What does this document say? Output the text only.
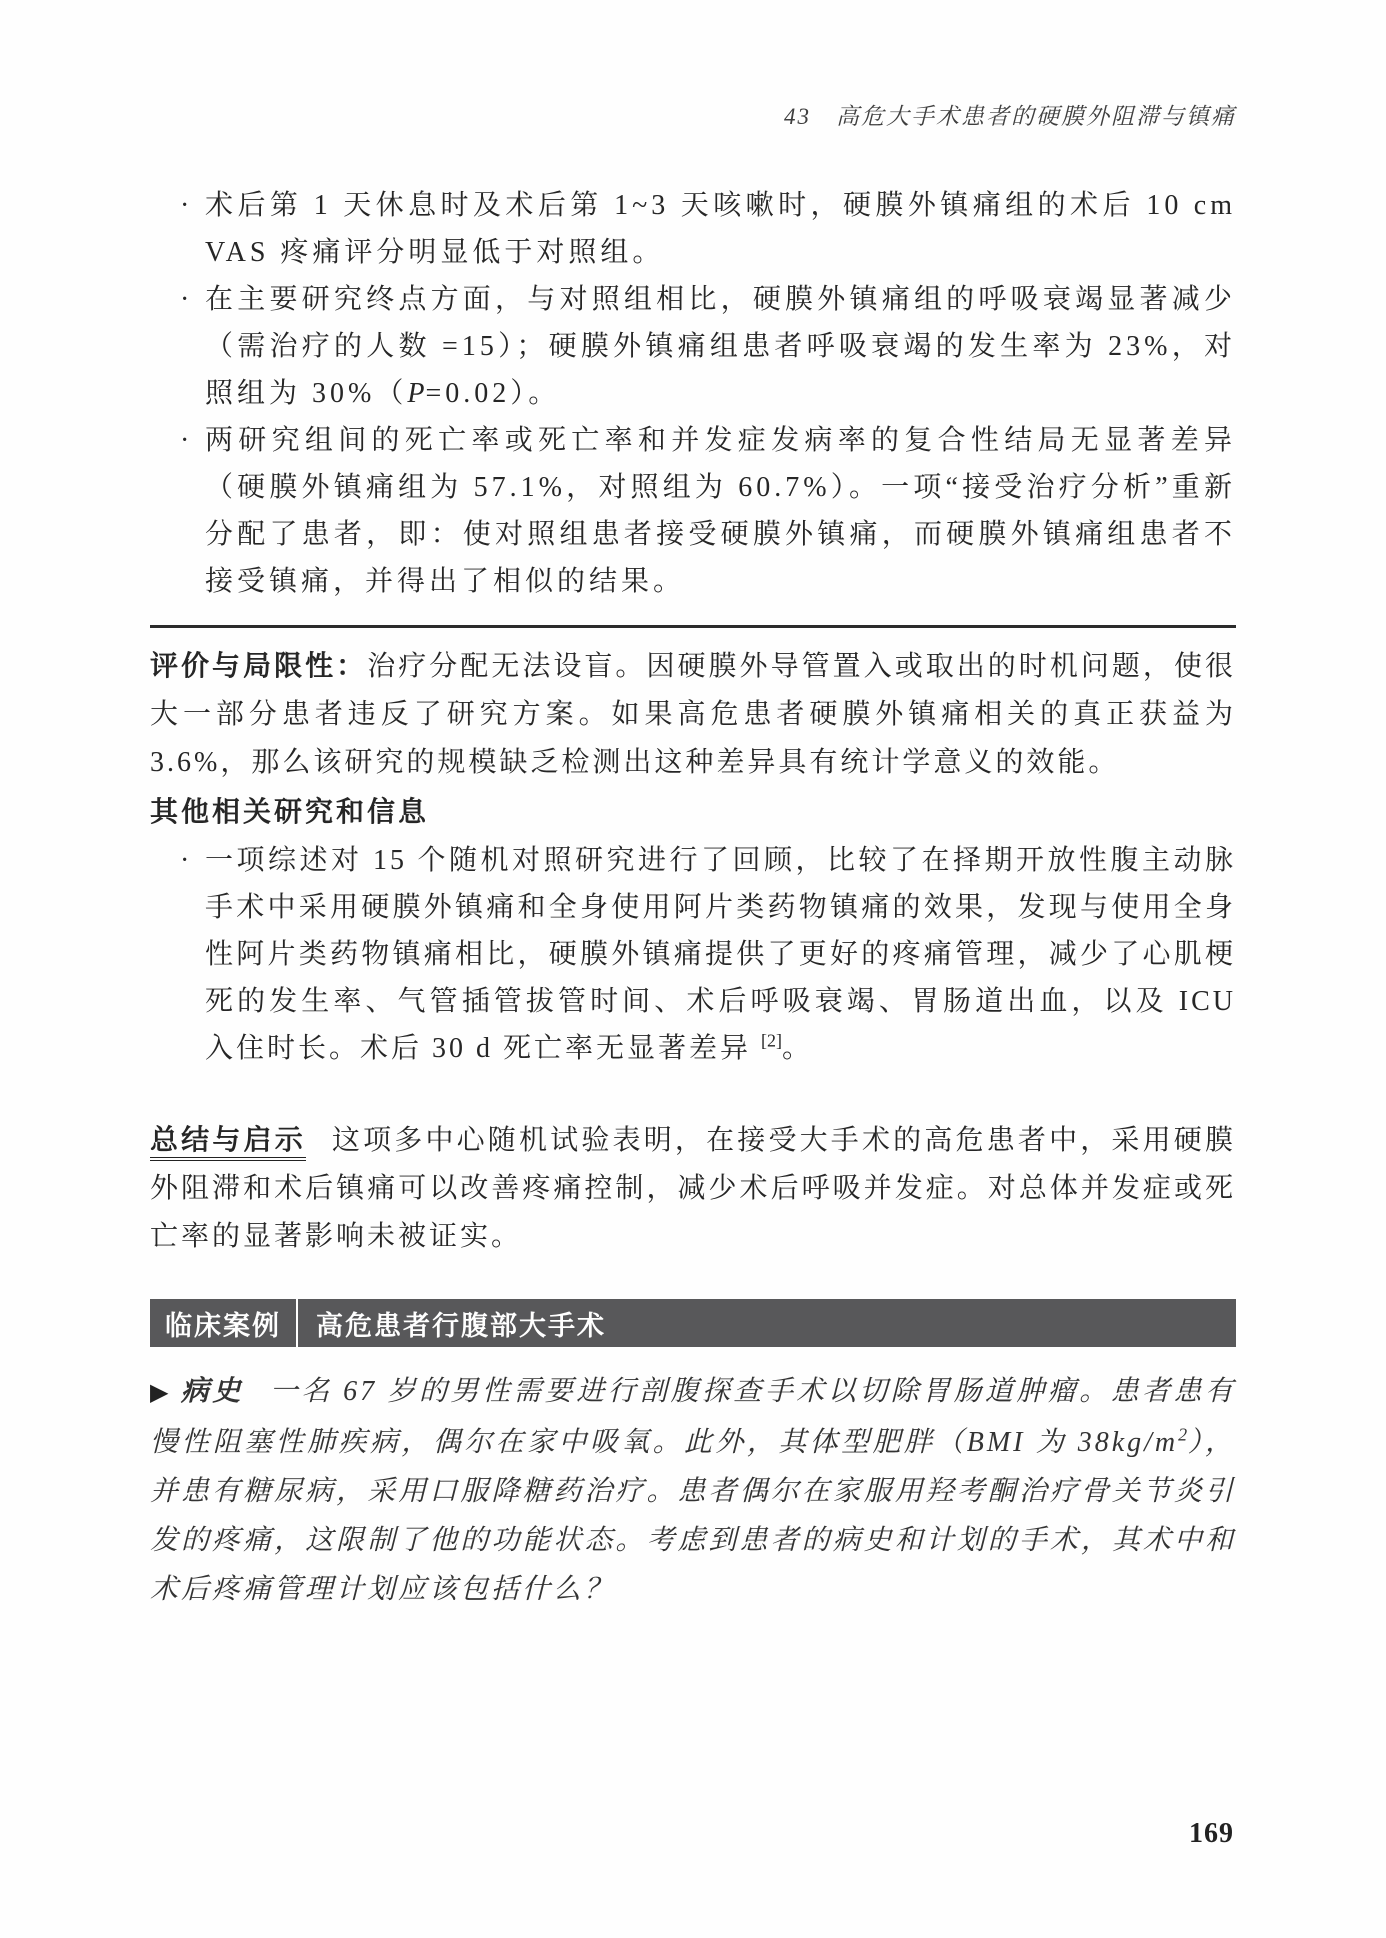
43　高危大手术患者的硬膜外阻滞与镇痛
· 术后第 1 天休息时及术后第 1~3 天咳嗽时，硬膜外镇痛组的术后 10 cm VAS 疼痛评分明显低于对照组。
· 在主要研究终点方面，与对照组相比，硬膜外镇痛组的呼吸衰竭显著减少（需治疗的人数 =15）；硬膜外镇痛组患者呼吸衰竭的发生率为 23%，对照组为 30%（P=0.02）。
· 两研究组间的死亡率或死亡率和并发症发病率的复合性结局无显著差异（硬膜外镇痛组为 57.1%，对照组为 60.7%）。一项“接受治疗分析”重新分配了患者，即：使对照组患者接受硬膜外镇痛，而硬膜外镇痛组患者不接受镇痛，并得出了相似的结果。

评价与局限性：治疗分配无法设盲。因硬膜外导管置入或取出的时机问题，使很大一部分患者违反了研究方案。如果高危患者硬膜外镇痛相关的真正获益为 3.6%，那么该研究的规模缺乏检测出这种差异具有统计学意义的效能。

其他相关研究和信息
· 一项综述对 15 个随机对照研究进行了回顾，比较了在择期开放性腹主动脉手术中采用硬膜外镇痛和全身使用阿片类药物镇痛的效果，发现与使用全身性阿片类药物镇痛相比，硬膜外镇痛提供了更好的疼痛管理，减少了心肌梗死的发生率、气管插管拔管时间、术后呼吸衰竭、胃肠道出血，以及 ICU 入住时长。术后 30 d 死亡率无显著差异 [2]。

总结与启示 这项多中心随机试验表明，在接受大手术的高危患者中，采用硬膜外阻滞和术后镇痛可以改善疼痛控制，减少术后呼吸并发症。对总体并发症或死亡率的显著影响未被证实。

临床案例	高危患者行腹部大手术

▶ 病史 一名 67 岁的男性需要进行剖腹探查手术以切除胃肠道肿瘤。患者患有慢性阻塞性肺疾病，偶尔在家中吸氧。此外，其体型肥胖（BMI 为 $38kg/m^2$），并患有糖尿病，采用口服降糖药治疗。患者偶尔在家服用羟考酮治疗骨关节炎引发的疼痛，这限制了他的功能状态。考虑到患者的病史和计划的手术，其术中和术后疼痛管理计划应该包括什么？

169
